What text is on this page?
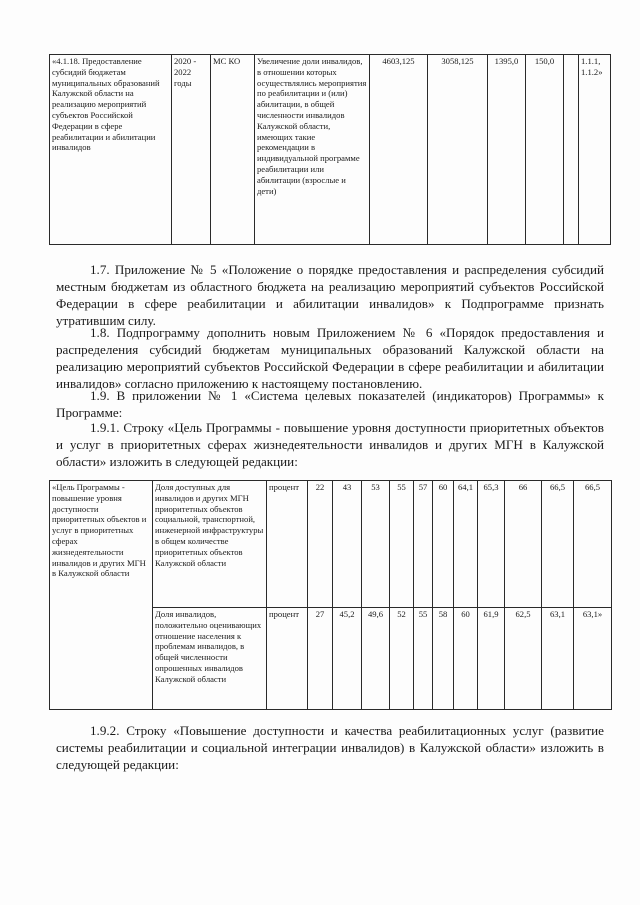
«4.1.18. Предоставление субсидий бюджетам муниципальных образований Калужской области на реализацию мероприятий субъектов Российской Федерации в сфере реабилитации и абилитации инвалидов	2020 - 2022 годы	МС КО	Увеличение доли инвалидов, в отношении которых осуществлялись мероприятия по реабилитации и (или) абилитации, в общей численности инвалидов Калужской области, имеющих такие рекомендации в индивидуальной программе реабилитации или абилитации (взрослые и дети)	4603,125	3058,125	1395,0	150,0		1.1.1, 1.1.2»

1.7. Приложение № 5 «Положение о порядке предоставления и распределения субсидий местным бюджетам из областного бюджета на реализацию мероприятий субъектов Российской Федерации в сфере реабилитации и абилитации инвалидов» к Подпрограмме признать утратившим силу.

1.8. Подпрограмму дополнить новым Приложением № 6 «Порядок предоставления и распределения субсидий бюджетам муниципальных образований Калужской области на реализацию мероприятий субъектов Российской Федерации в сфере реабилитации и абилитации инвалидов» согласно приложению к настоящему постановлению.

1.9. В приложении № 1 «Система целевых показателей (индикаторов) Программы» к Программе:

1.9.1. Строку «Цель Программы - повышение уровня доступности приоритетных объектов и услуг в приоритетных сферах жизнедеятельности инвалидов и других МГН в Калужской области» изложить в следующей редакции:

«Цель Программы - повышение уровня доступности приоритетных объектов и услуг в приоритетных сферах жизнедеятельности инвалидов и других МГН в Калужской области	Доля доступных для инвалидов и других МГН приоритетных объектов социальной, транспортной, инженерной инфраструктуры в общем количестве приоритетных объектов Калужской области	процент	22	43	53	55	57	60	64,1	65,3	66	66,5	66,5
	Доля инвалидов, положительно оценивающих отношение населения к проблемам инвалидов, в общей численности опрошенных инвалидов Калужской области	процент	27	45,2	49,6	52	55	58	60	61,9	62,5	63,1	63,1»

1.9.2. Строку «Повышение доступности и качества реабилитационных услуг (развитие системы реабилитации и социальной интеграции инвалидов) в Калужской области» изложить в следующей редакции:
